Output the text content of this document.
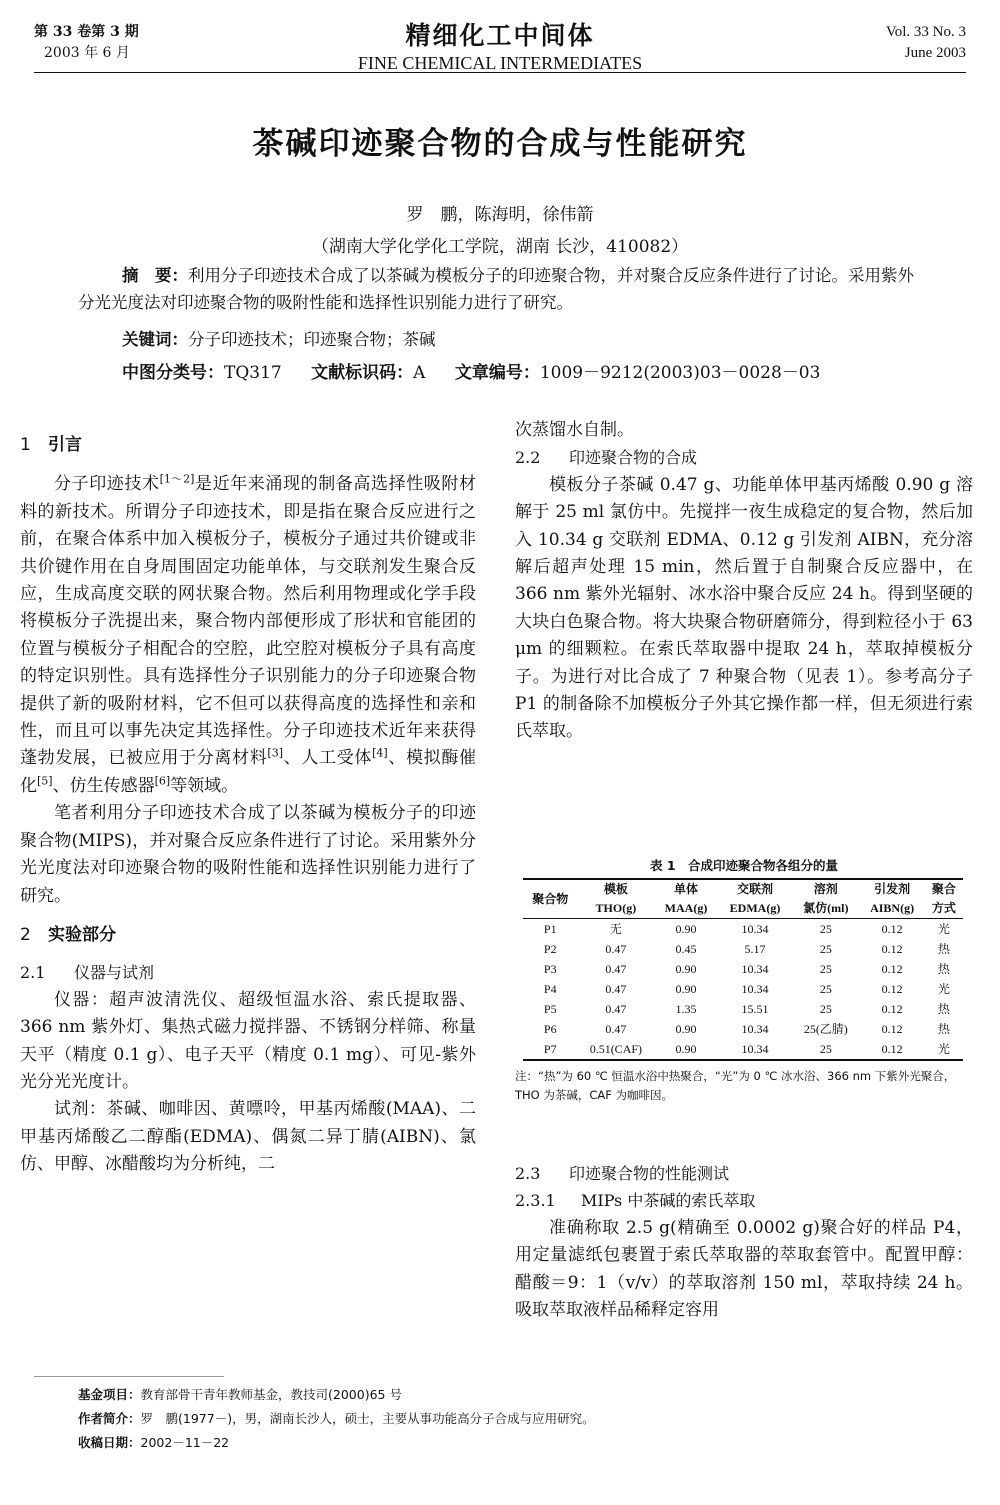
第 33 卷第 3 期
2003 年 6 月
精细化工中间体
FINE CHEMICAL INTERMEDIATES
Vol. 33 No. 3
June 2003
茶碱印迹聚合物的合成与性能研究
罗　鹏，陈海明，徐伟箭
（湖南大学化学化工学院，湖南 长沙，410082）
摘　要：利用分子印迹技术合成了以茶碱为模板分子的印迹聚合物，并对聚合反应条件进行了讨论。采用紫外分光光度法对印迹聚合物的吸附性能和选择性识别能力进行了研究。
关键词：分子印迹技术；印迹聚合物；茶碱
中图分类号：TQ317 文献标识码：A 文章编号：1009－9212(2003)03－0028－03

1 引言

分子印迹技术[1～2]是近年来涌现的制备高选择性吸附材料的新技术。所谓分子印迹技术，即是指在聚合反应进行之前，在聚合体系中加入模板分子，模板分子通过共价键或非共价键作用在自身周围固定功能单体，与交联剂发生聚合反应，生成高度交联的网状聚合物。然后利用物理或化学手段将模板分子洗提出来，聚合物内部便形成了形状和官能团的位置与模板分子相配合的空腔，此空腔对模板分子具有高度的特定识别性。具有选择性分子识别能力的分子印迹聚合物提供了新的吸附材料，它不但可以获得高度的选择性和亲和性，而且可以事先决定其选择性。分子印迹技术近年来获得蓬勃发展，已被应用于分离材料[3]、人工受体[4]、模拟酶催化[5]、仿生传感器[6]等领域。

笔者利用分子印迹技术合成了以茶碱为模板分子的印迹聚合物(MIPS)，并对聚合反应条件进行了讨论。采用紫外分光光度法对印迹聚合物的吸附性能和选择性识别能力进行了研究。

2 实验部分

2.1 仪器与试剂

仪器：超声波清洗仪、超级恒温水浴、索氏提取器、366 nm 紫外灯、集热式磁力搅拌器、不锈钢分样筛、称量天平（精度 0.1 g）、电子天平（精度 0.1 mg）、可见-紫外光分光光度计。

试剂：茶碱、咖啡因、黄嘌呤，甲基丙烯酸(MAA)、二甲基丙烯酸乙二醇酯(EDMA)、偶氮二异丁腈(AIBN)、氯仿、甲醇、冰醋酸均为分析纯，二

次蒸馏水自制。

2.2 印迹聚合物的合成

模板分子茶碱 0.47 g、功能单体甲基丙烯酸 0.90 g 溶解于 25 ml 氯仿中。先搅拌一夜生成稳定的复合物，然后加入 10.34 g 交联剂 EDMA、0.12 g 引发剂 AIBN，充分溶解后超声处理 15 min，然后置于自制聚合反应器中，在 366 nm 紫外光辐射、冰水浴中聚合反应 24 h。得到坚硬的大块白色聚合物。将大块聚合物研磨筛分，得到粒径小于 63 μm 的细颗粒。在索氏萃取器中提取 24 h，萃取掉模板分子。为进行对比合成了 7 种聚合物（见表 1）。参考高分子 P1 的制备除不加模板分子外其它操作都一样，但无须进行索氏萃取。

表 1　合成印迹聚合物各组分的量
聚合物	模板	单体	交联剂	溶剂	引发剂	聚合
	THO(g)	MAA(g)	EDMA(g)	氯仿(ml)	AIBN(g)	方式
P1	无	0.90	10.34	25	0.12	光
P2	0.47	0.45	5.17	25	0.12	热
P3	0.47	0.90	10.34	25	0.12	热
P4	0.47	0.90	10.34	25	0.12	光
P5	0.47	1.35	15.51	25	0.12	热
P6	0.47	0.90	10.34	25(乙腈)	0.12	热
P7	0.51(CAF)	0.90	10.34	25	0.12	光
注：“热”为 60 ℃ 恒温水浴中热聚合，“光”为 0 ℃ 冰水浴、366 nm 下紫外光聚合，THO 为茶碱，CAF 为咖啡因。

2.3 印迹聚合物的性能测试

2.3.1 MIPs 中茶碱的索氏萃取

准确称取 2.5 g(精确至 0.0002 g)聚合好的样品 P4，用定量滤纸包裹置于索氏萃取器的萃取套管中。配置甲醇：醋酸＝9：1（v/v）的萃取溶剂 150 ml，萃取持续 24 h。吸取萃取液样品稀释定容用

基金项目：教育部骨干青年教师基金，教技司(2000)65 号
作者简介：罗　鹏(1977－)，男，湖南长沙人，硕士，主要从事功能高分子合成与应用研究。
收稿日期：2002－11－22
